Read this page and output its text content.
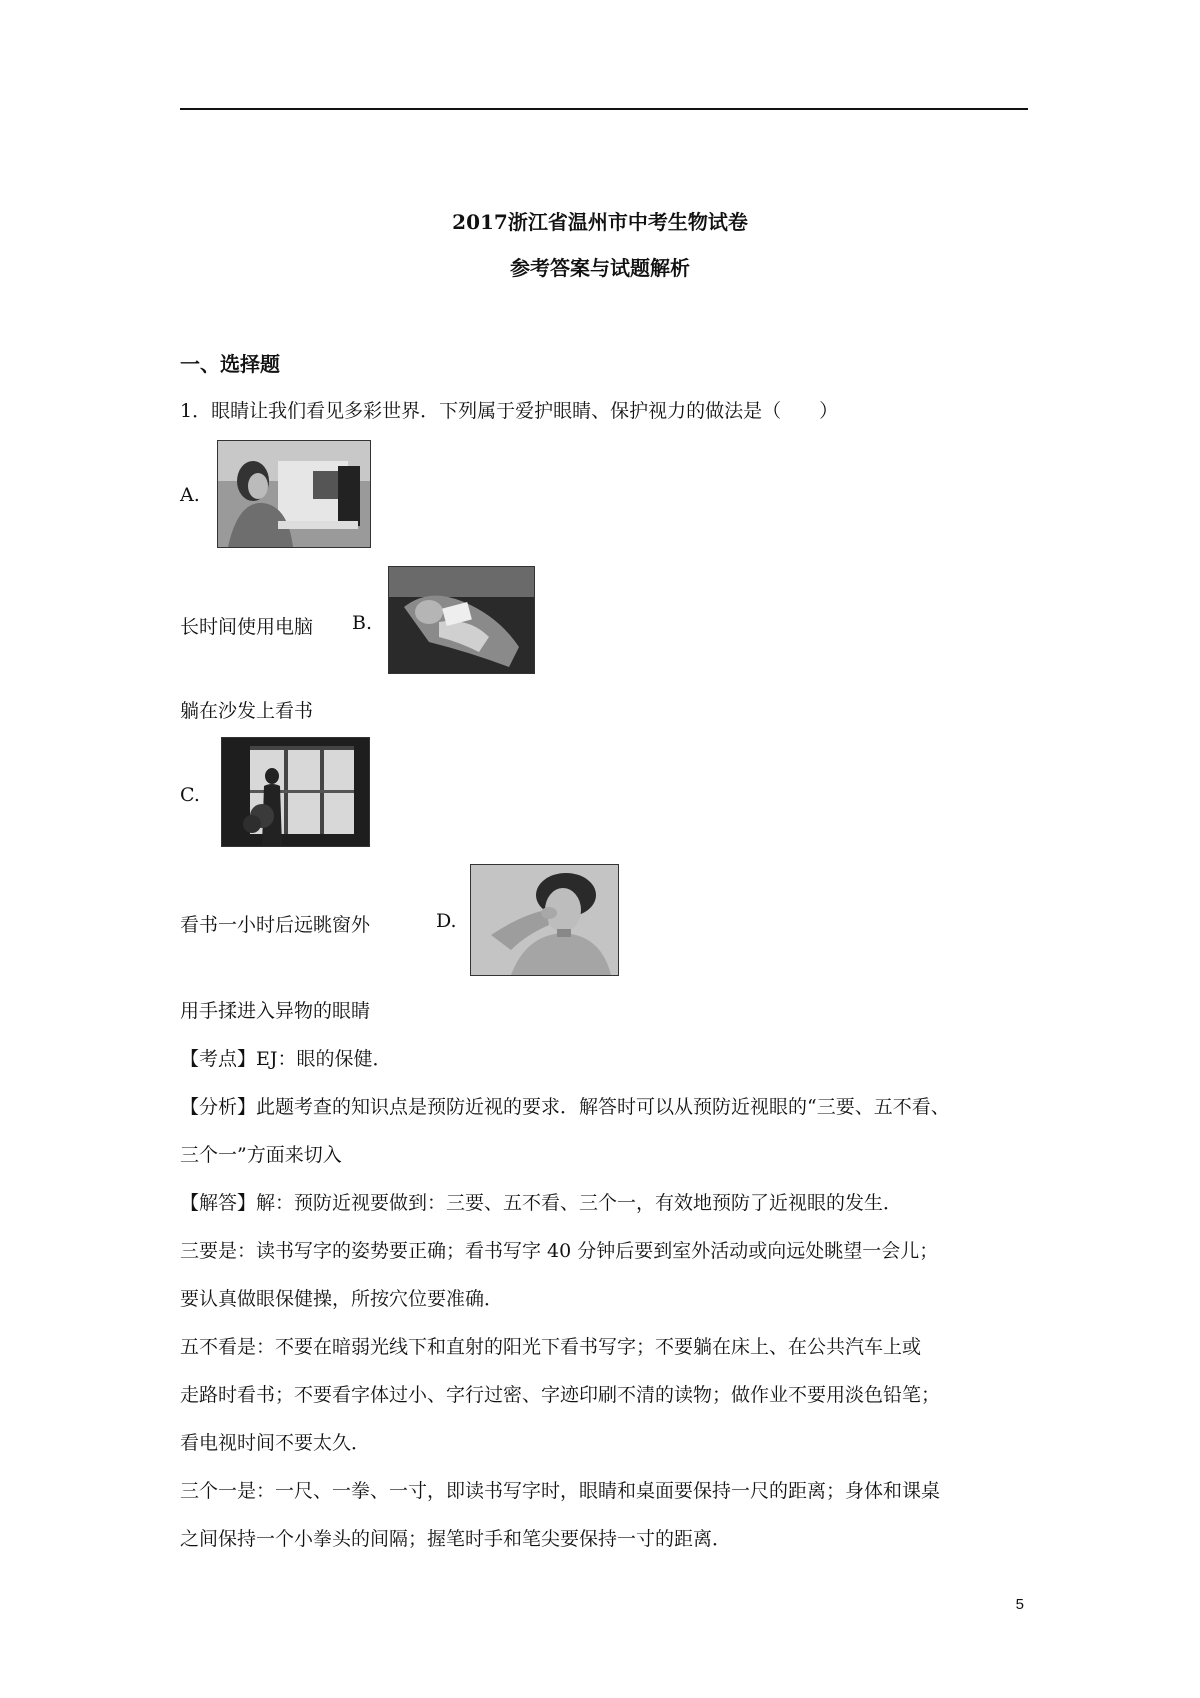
2017浙江省温州市中考生物试卷
参考答案与试题解析
一、选择题
1．眼睛让我们看见多彩世界．下列属于爱护眼睛、保护视力的做法是（　　）
A.
长时间使用电脑 B.
躺在沙发上看书
C.
看书一小时后远眺窗外	D.
用手揉进入异物的眼睛
【考点】EJ：眼的保健．
【分析】此题考查的知识点是预防近视的要求．解答时可以从预防近视眼的“三要、五不看、
三个一”方面来切入
【解答】解：预防近视要做到：三要、五不看、三个一，有效地预防了近视眼的发生．
三要是：读书写字的姿势要正确；看书写字 40 分钟后要到室外活动或向远处眺望一会儿；
要认真做眼保健操，所按穴位要准确．
五不看是：不要在暗弱光线下和直射的阳光下看书写字；不要躺在床上、在公共汽车上或
走路时看书；不要看字体过小、字行过密、字迹印刷不清的读物；做作业不要用淡色铅笔；
看电视时间不要太久．
三个一是：一尺、一拳、一寸，即读书写字时，眼睛和桌面要保持一尺的距离；身体和课桌
之间保持一个小拳头的间隔；握笔时手和笔尖要保持一寸的距离．
5
